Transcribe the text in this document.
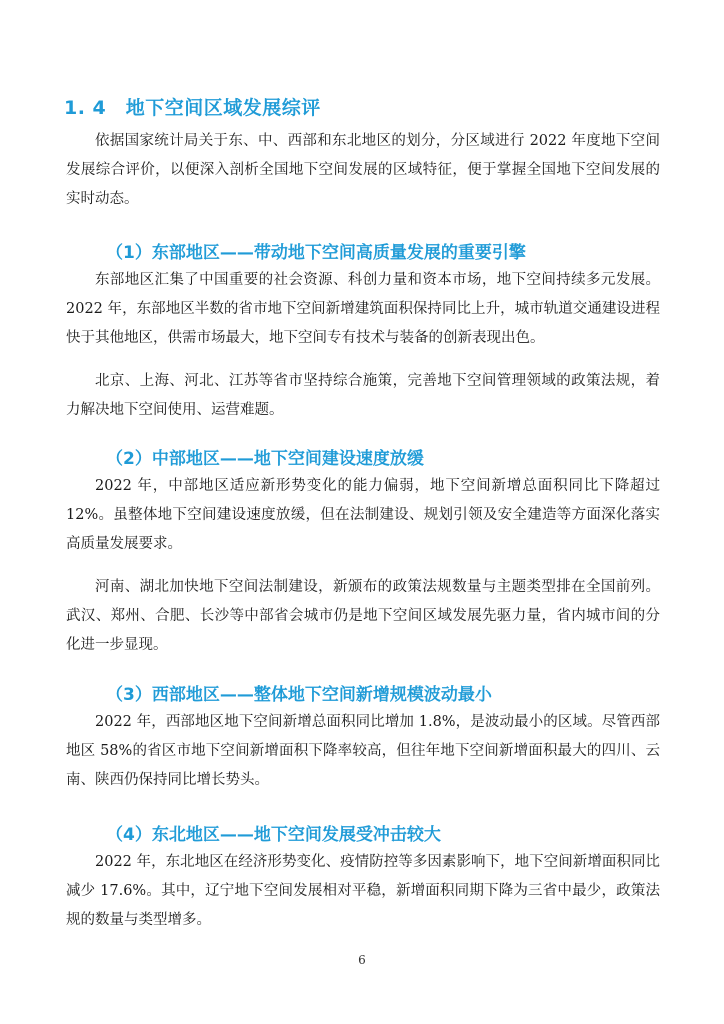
1. 4　地下空间区域发展综评

依据国家统计局关于东、中、西部和东北地区的划分，分区域进行 2022 年度地下空间发展综合评价，以便深入剖析全国地下空间发展的区域特征，便于掌握全国地下空间发展的实时动态。

（1）东部地区——带动地下空间高质量发展的重要引擎

东部地区汇集了中国重要的社会资源、科创力量和资本市场，地下空间持续多元发展。2022 年，东部地区半数的省市地下空间新增建筑面积保持同比上升，城市轨道交通建设进程快于其他地区，供需市场最大，地下空间专有技术与装备的创新表现出色。

北京、上海、河北、江苏等省市坚持综合施策，完善地下空间管理领域的政策法规，着力解决地下空间使用、运营难题。

（2）中部地区——地下空间建设速度放缓

2022 年，中部地区适应新形势变化的能力偏弱，地下空间新增总面积同比下降超过 12%。虽整体地下空间建设速度放缓，但在法制建设、规划引领及安全建造等方面深化落实高质量发展要求。

河南、湖北加快地下空间法制建设，新颁布的政策法规数量与主题类型排在全国前列。武汉、郑州、合肥、长沙等中部省会城市仍是地下空间区域发展先驱力量，省内城市间的分化进一步显现。

（3）西部地区——整体地下空间新增规模波动最小

2022 年，西部地区地下空间新增总面积同比增加 1.8%，是波动最小的区域。尽管西部地区 58%的省区市地下空间新增面积下降率较高，但往年地下空间新增面积最大的四川、云南、陕西仍保持同比增长势头。

（4）东北地区——地下空间发展受冲击较大

2022 年，东北地区在经济形势变化、疫情防控等多因素影响下，地下空间新增面积同比减少 17.6%。其中，辽宁地下空间发展相对平稳，新增面积同期下降为三省中最少，政策法规的数量与类型增多。

6
